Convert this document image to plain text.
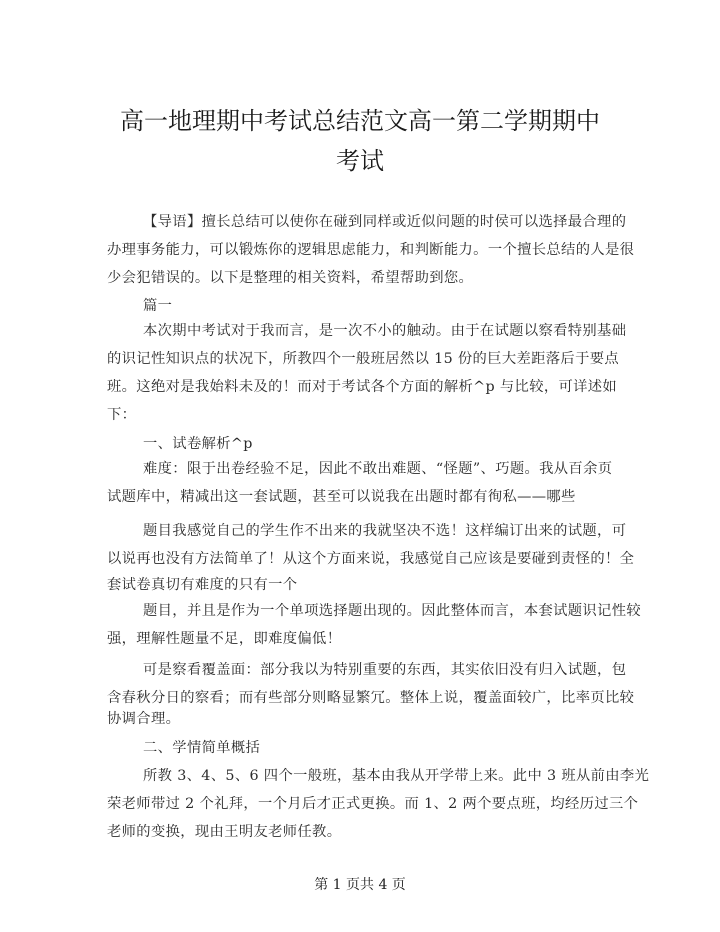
高一地理期中考试总结范文高一第二学期期中
考试
【导语】擅长总结可以使你在碰到同样或近似问题的时侯可以选择最合理的
办理事务能力，可以锻炼你的逻辑思虑能力，和判断能力。一个擅长总结的人是很
少会犯错误的。以下是整理的相关资料，希望帮助到您。
篇一
本次期中考试对于我而言，是一次不小的触动。由于在试题以察看特别基础
的识记性知识点的状况下，所教四个一般班居然以 15 份的巨大差距落后于要点
班。这绝对是我始料未及的！而对于考试各个方面的解析^p 与比较，可详述如
下：
一、试卷解析^p
难度：限于出卷经验不足，因此不敢出难题、“怪题”、巧题。我从百余页
试题库中，精减出这一套试题，甚至可以说我在出题时都有徇私——哪些
题目我感觉自己的学生作不出来的我就坚决不选！这样编订出来的试题，可
以说再也没有方法简单了！从这个方面来说，我感觉自己应该是要碰到责怪的！全
套试卷真切有难度的只有一个
题目，并且是作为一个单项选择题出现的。因此整体而言，本套试题识记性较
强，理解性题量不足，即难度偏低！
可是察看覆盖面：部分我以为特别重要的东西，其实依旧没有归入试题，包
含春秋分日的察看；而有些部分则略显繁冗。整体上说，覆盖面较广，比率页比较
协调合理。
二、学情简单概括
所教 3、4、5、6 四个一般班，基本由我从开学带上来。此中 3 班从前由李光
荣老师带过 2 个礼拜，一个月后才正式更换。而 1、2 两个要点班，均经历过三个
老师的变换，现由王明友老师任教。
第 1 页共 4 页
